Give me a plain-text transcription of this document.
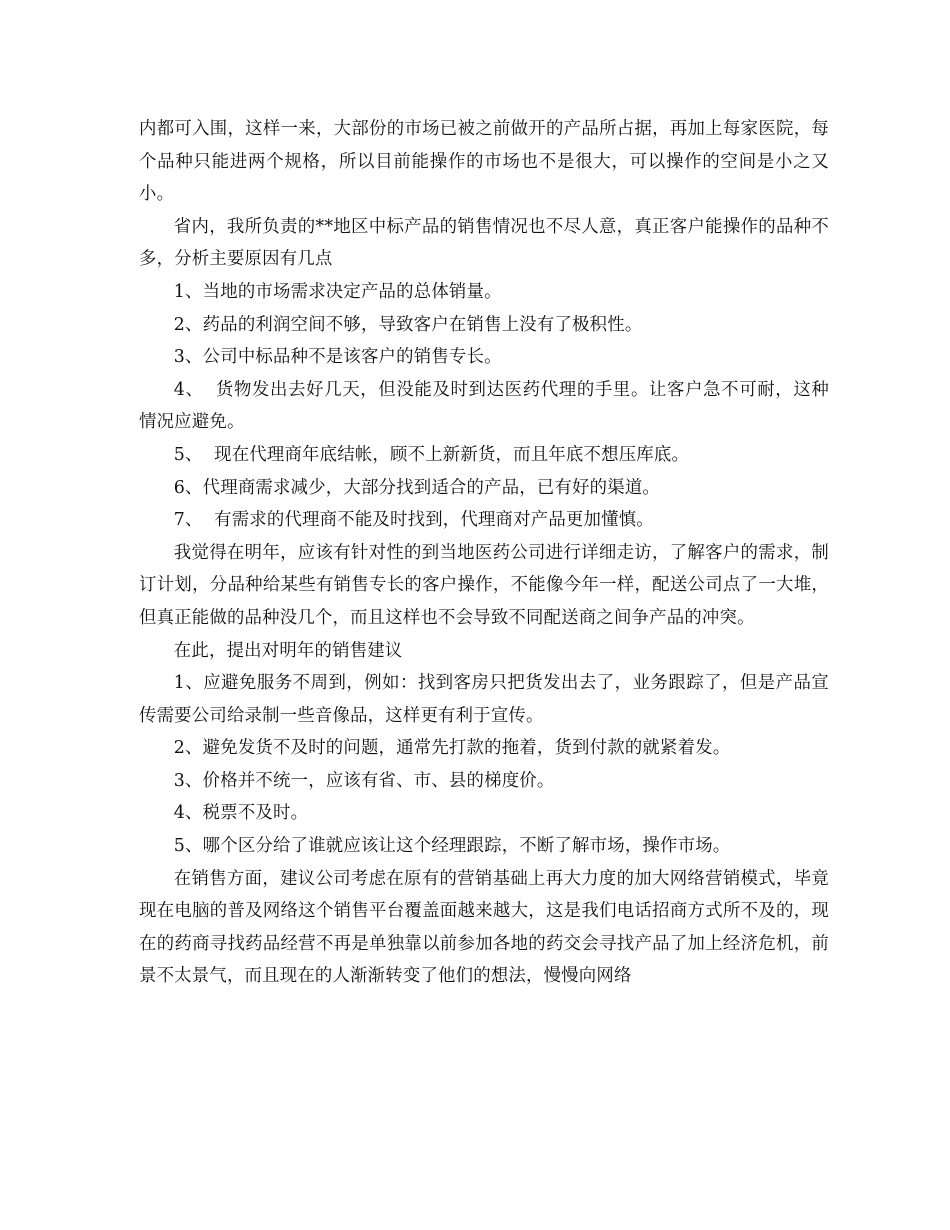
内都可入围，这样一来，大部份的市场已被之前做开的产品所占据，再加上每家医院，每个品种只能进两个规格，所以目前能操作的市场也不是很大，可以操作的空间是小之又小。

省内，我所负责的**地区中标产品的销售情况也不尽人意，真正客户能操作的品种不多，分析主要原因有几点

1、当地的市场需求决定产品的总体销量。

2、药品的利润空间不够，导致客户在销售上没有了极积性。

3、公司中标品种不是该客户的销售专长。

4、  货物发出去好几天，但没能及时到达医药代理的手里。让客户急不可耐，这种情况应避免。

5、  现在代理商年底结帐，顾不上新新货，而且年底不想压库底。

6、代理商需求减少，大部分找到适合的产品，已有好的渠道。

7、  有需求的代理商不能及时找到，代理商对产品更加懂慎。

我觉得在明年，应该有针对性的到当地医药公司进行详细走访，了解客户的需求，制订计划，分品种给某些有销售专长的客户操作，不能像今年一样，配送公司点了一大堆，但真正能做的品种没几个，而且这样也不会导致不同配送商之间争产品的冲突。

在此，提出对明年的销售建议

1、应避免服务不周到，例如：找到客房只把货发出去了，业务跟踪了，但是产品宣传需要公司给录制一些音像品，这样更有利于宣传。

2、避免发货不及时的问题，通常先打款的拖着，货到付款的就紧着发。

3、价格并不统一，应该有省、市、县的梯度价。

4、税票不及时。

5、哪个区分给了谁就应该让这个经理跟踪，不断了解市场，操作市场。

在销售方面，建议公司考虑在原有的营销基础上再大力度的加大网络营销模式，毕竟现在电脑的普及网络这个销售平台覆盖面越来越大，这是我们电话招商方式所不及的，现在的药商寻找药品经营不再是单独靠以前参加各地的药交会寻找产品了加上经济危机，前景不太景气，而且现在的人渐渐转变了他们的想法，慢慢向网络
